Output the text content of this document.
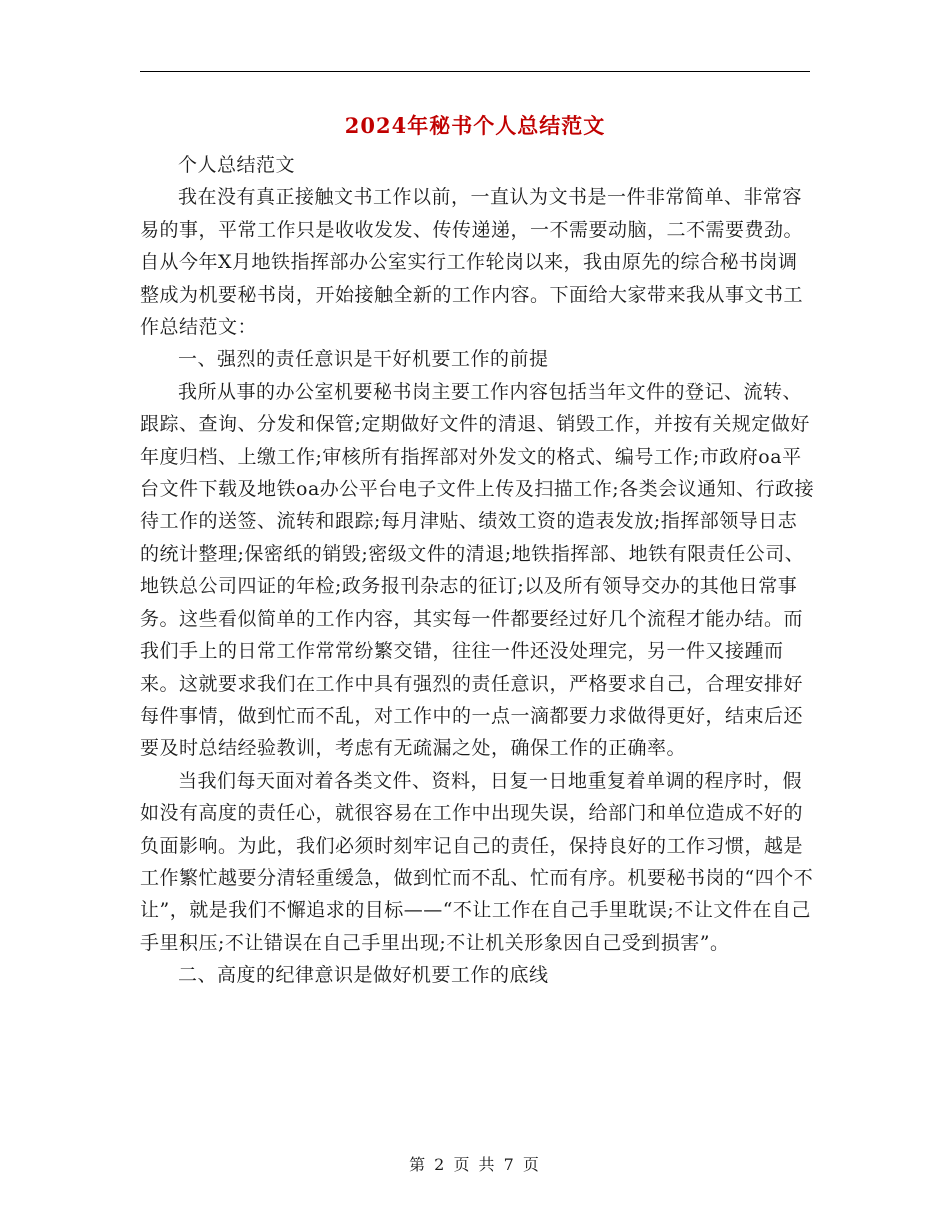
2024年秘书个人总结范文

个人总结范文

我在没有真正接触文书工作以前，一直认为文书是一件非常简单、非常容易的事，平常工作只是收收发发、传传递递，一不需要动脑，二不需要费劲。自从今年X月地铁指挥部办公室实行工作轮岗以来，我由原先的综合秘书岗调整成为机要秘书岗，开始接触全新的工作内容。下面给大家带来我从事文书工作总结范文：

一、强烈的责任意识是干好机要工作的前提

我所从事的办公室机要秘书岗主要工作内容包括当年文件的登记、流转、跟踪、查询、分发和保管;定期做好文件的清退、销毁工作，并按有关规定做好年度归档、上缴工作;审核所有指挥部对外发文的格式、编号工作;市政府oa平台文件下载及地铁oa办公平台电子文件上传及扫描工作;各类会议通知、行政接待工作的送签、流转和跟踪;每月津贴、绩效工资的造表发放;指挥部领导日志的统计整理;保密纸的销毁;密级文件的清退;地铁指挥部、地铁有限责任公司、地铁总公司四证的年检;政务报刊杂志的征订;以及所有领导交办的其他日常事务。这些看似简单的工作内容，其实每一件都要经过好几个流程才能办结。而我们手上的日常工作常常纷繁交错，往往一件还没处理完，另一件又接踵而来。这就要求我们在工作中具有强烈的责任意识，严格要求自己，合理安排好每件事情，做到忙而不乱，对工作中的一点一滴都要力求做得更好，结束后还要及时总结经验教训，考虑有无疏漏之处，确保工作的正确率。

当我们每天面对着各类文件、资料，日复一日地重复着单调的程序时，假如没有高度的责任心，就很容易在工作中出现失误，给部门和单位造成不好的负面影响。为此，我们必须时刻牢记自己的责任，保持良好的工作习惯，越是工作繁忙越要分清轻重缓急，做到忙而不乱、忙而有序。机要秘书岗的“四个不让”，就是我们不懈追求的目标——“不让工作在自己手里耽误;不让文件在自己手里积压;不让错误在自己手里出现;不让机关形象因自己受到损害”。

二、高度的纪律意识是做好机要工作的底线

第 2 页 共 7 页
